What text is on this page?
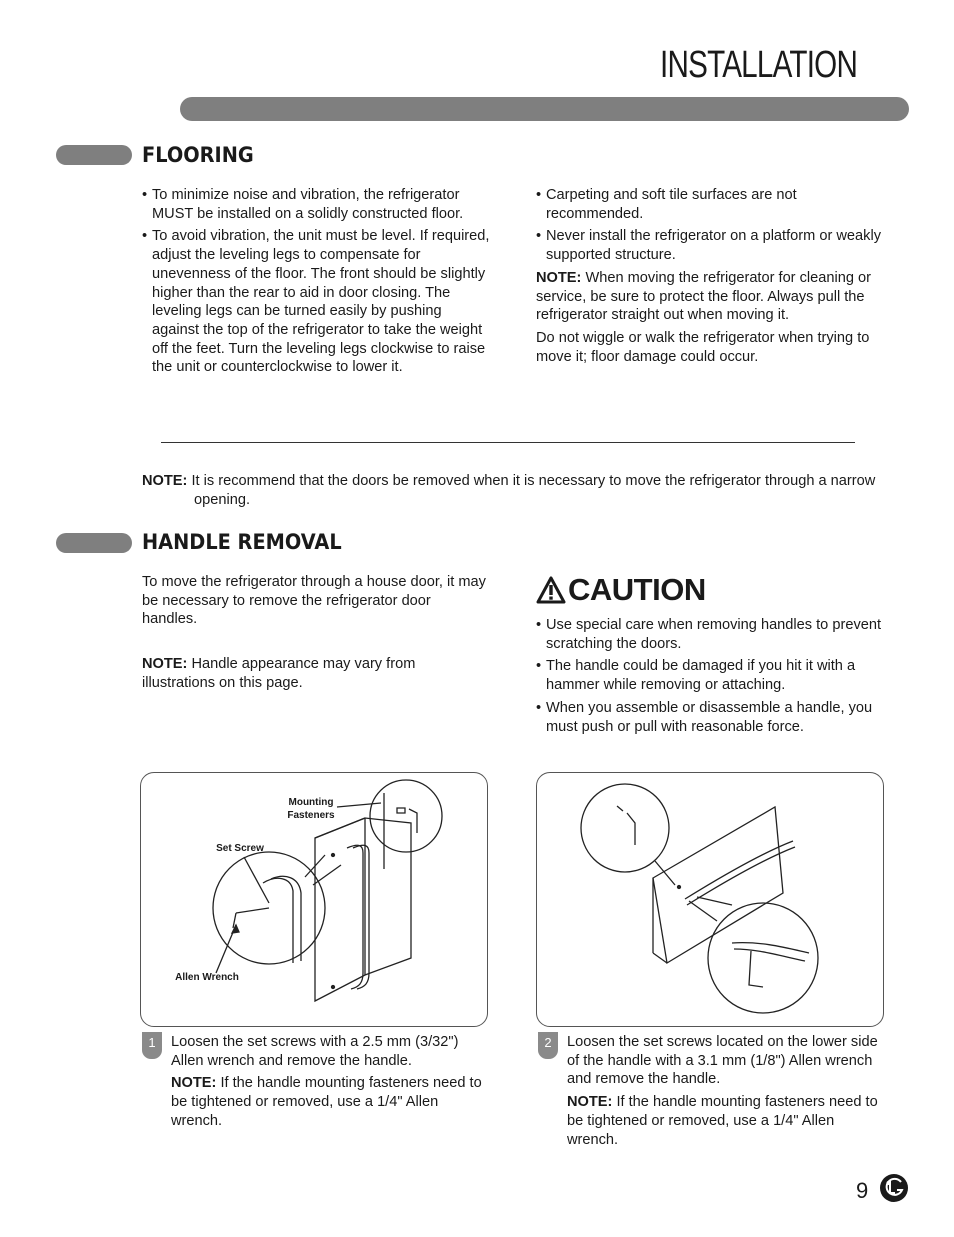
INSTALLATION
FLOORING
• To minimize noise and vibration, the refrigerator MUST be installed on a solidly constructed floor.
• To avoid vibration, the unit must be level. If required, adjust the leveling legs to compensate for unevenness of the floor. The front should be slightly higher than the rear to aid in door closing. The leveling legs can be turned easily by pushing against the top of the refrigerator to take the weight off the feet. Turn the leveling legs clockwise to raise the unit or counterclockwise to lower it.
• Carpeting and soft tile surfaces are not recommended.
• Never install the refrigerator on a platform or weakly supported structure.

NOTE: When moving the refrigerator for cleaning or service, be sure to protect the floor. Always pull the refrigerator straight out when moving it.

Do not wiggle or walk the refrigerator when trying to move it; floor damage could occur.

NOTE: It is recommend that the doors be removed when it is necessary to move the refrigerator through a narrow opening.
HANDLE REMOVAL

To move the refrigerator through a house door, it may be necessary to remove the refrigerator door handles.

NOTE: Handle appearance may vary from illustrations on this page.

CAUTION
• Use special care when removing handles to prevent scratching the doors.
• The handle could be damaged if you hit it with a hammer while removing or attaching.
• When you assemble or disassemble a handle, you must push or pull with reasonable force.
Mounting
Fasteners
Set Screw
Allen Wrench
1	Loosen the set screws with a 2.5 mm (3/32") Allen wrench and remove the handle.

NOTE: If the handle mounting fasteners need to be tightened or removed, use a 1/4" Allen wrench.

2	Loosen the set screws located on the lower side of the handle with a 3.1 mm (1/8") Allen wrench and remove the handle.

NOTE: If the handle mounting fasteners need to be tightened or removed, use a 1/4" Allen wrench.

9
